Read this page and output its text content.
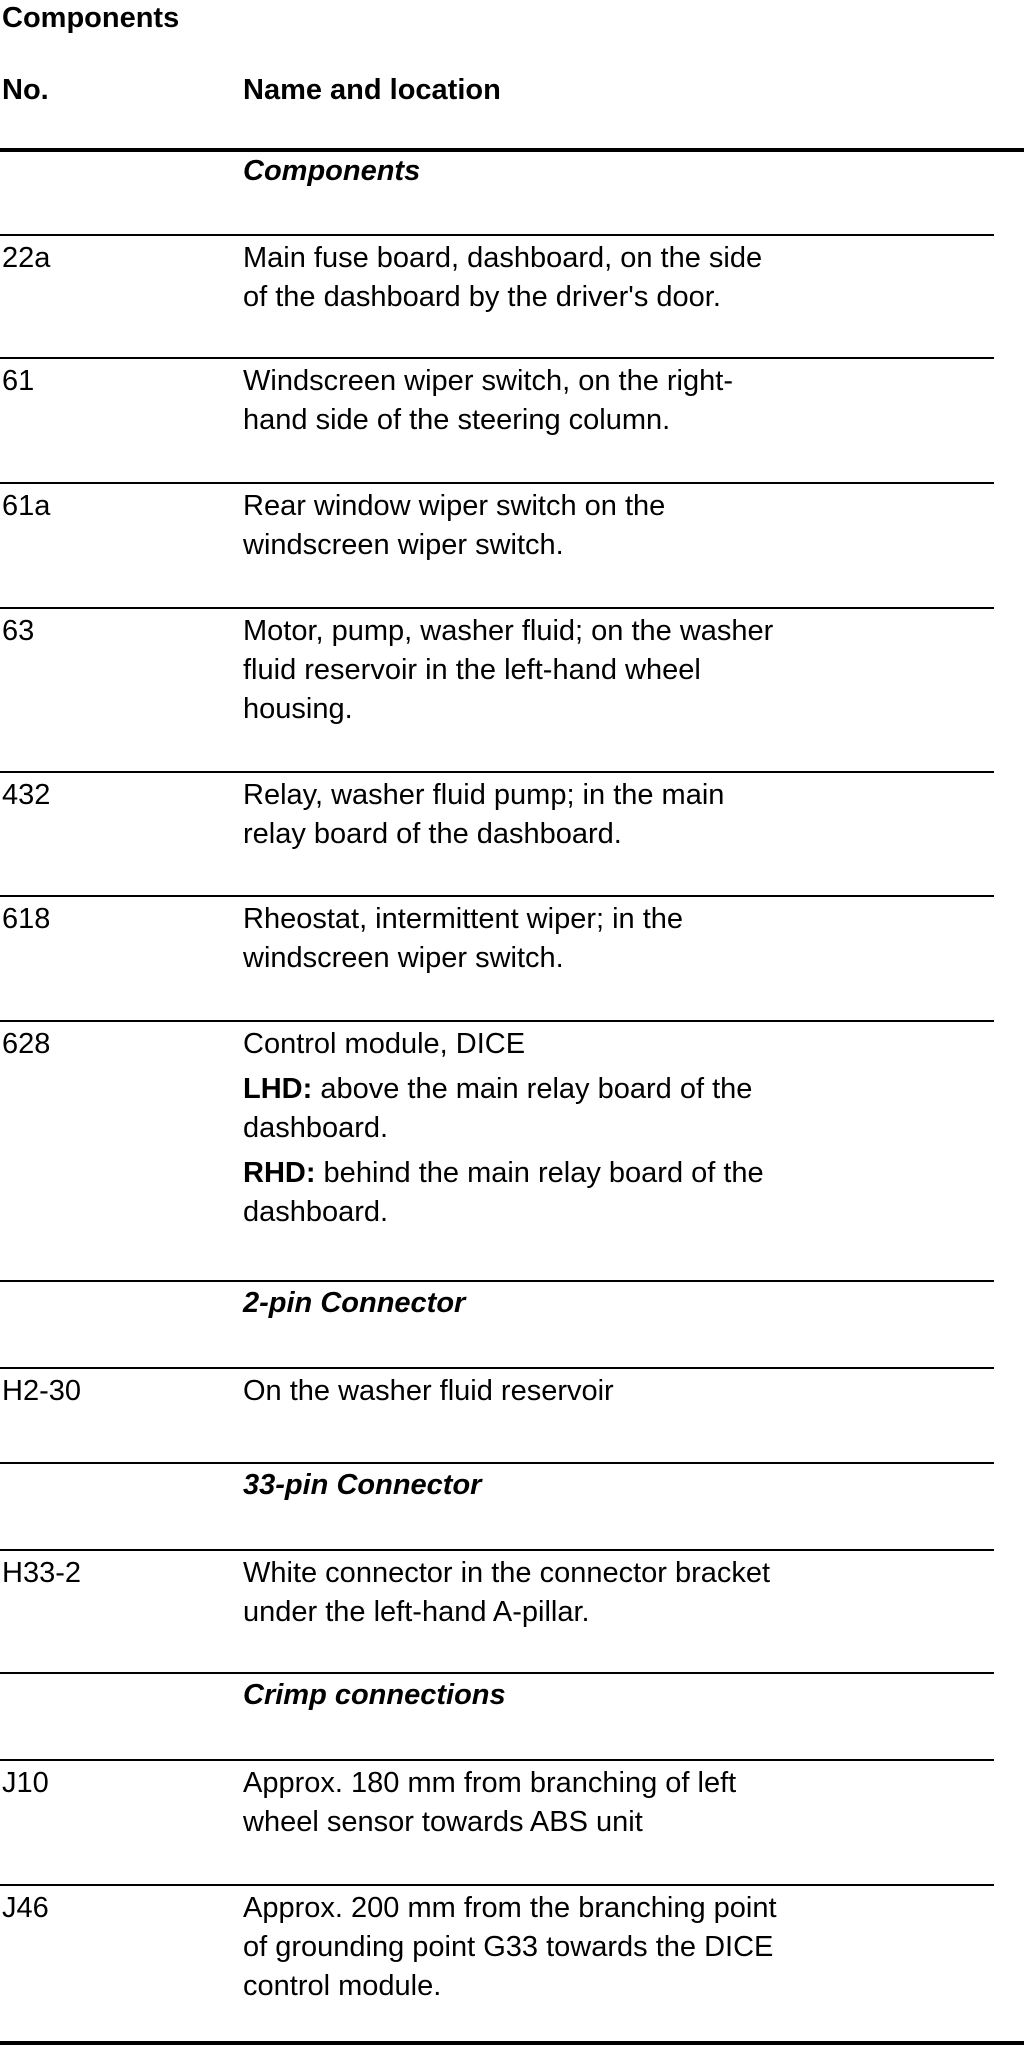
Components
No.	Name and location
Components
22a	Main fuse board, dashboard, on the side
of the dashboard by the driver's door.
61	Windscreen wiper switch, on the right-
hand side of the steering column.
61a	Rear window wiper switch on the
windscreen wiper switch.
63	Motor, pump, washer fluid; on the washer
fluid reservoir in the left-hand wheel
housing.
432	Relay, washer fluid pump; in the main
relay board of the dashboard.
618	Rheostat, intermittent wiper; in the
windscreen wiper switch.
628	Control module, DICE
LHD: above the main relay board of the
dashboard.
RHD: behind the main relay board of the
dashboard.
2-pin Connector
H2-30	On the washer fluid reservoir
33-pin Connector
H33-2	White connector in the connector bracket
under the left-hand A-pillar.
Crimp connections
J10	Approx. 180 mm from branching of left
wheel sensor towards ABS unit
J46	Approx. 200 mm from the branching point
of grounding point G33 towards the DICE
control module.
